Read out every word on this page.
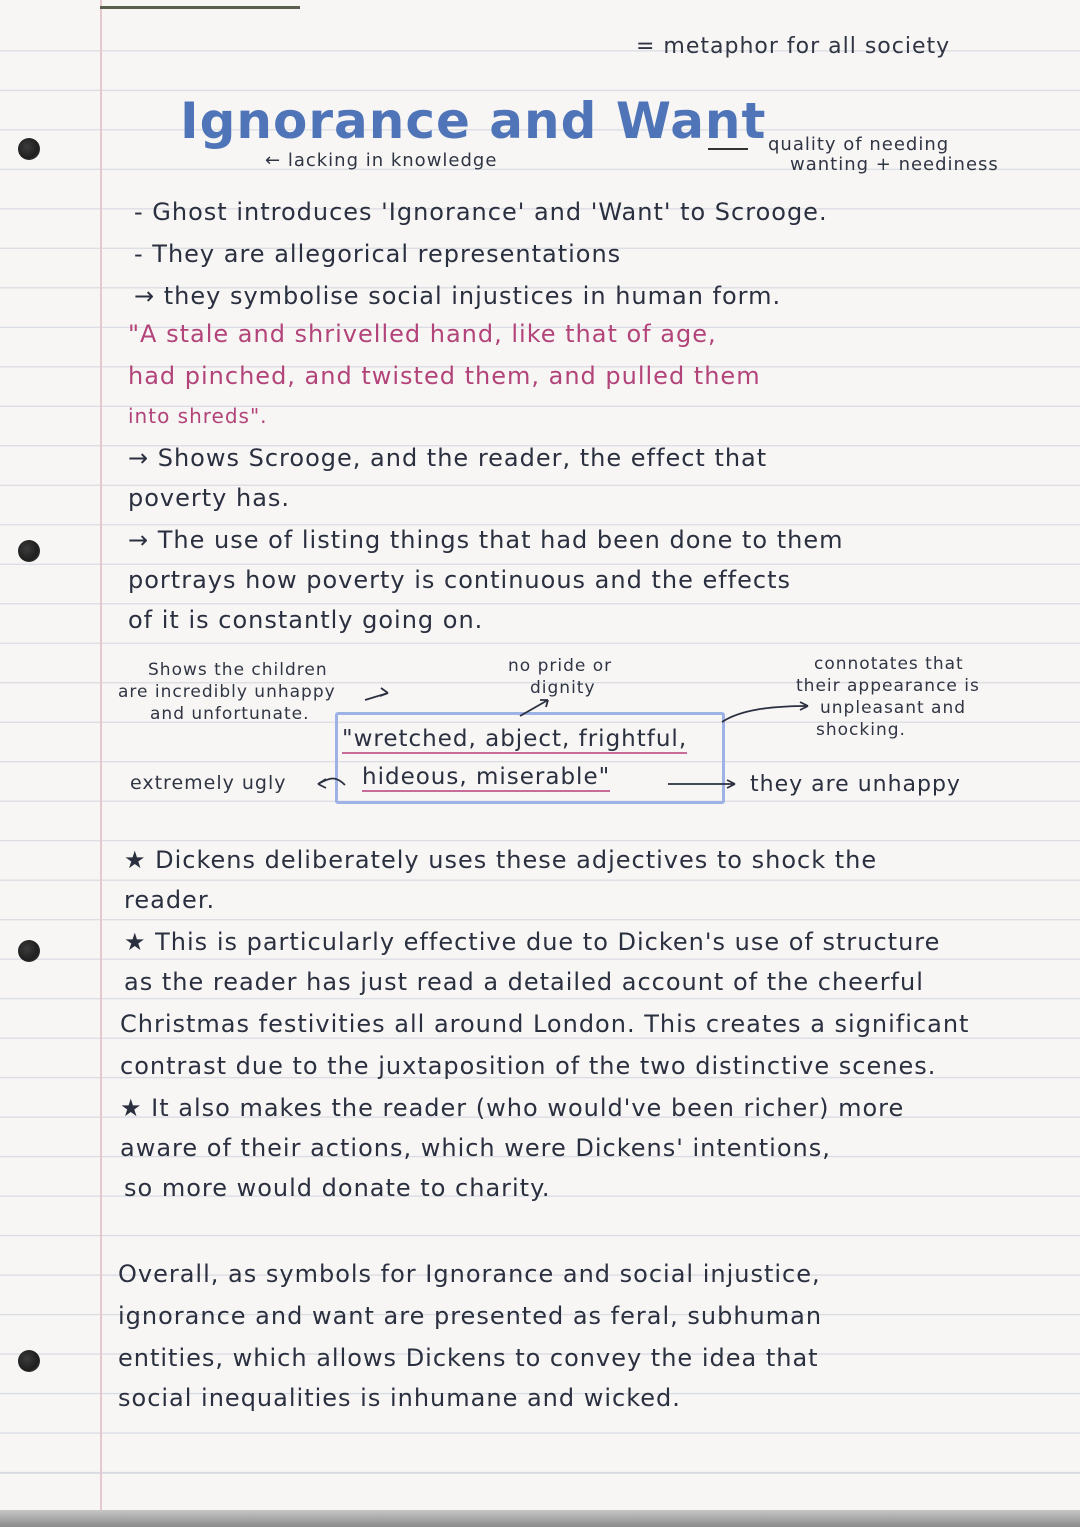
= metaphor for all society
Ignorance and Want
← lacking in knowledge
quality of needing
wanting + neediness
- Ghost introduces 'Ignorance' and 'Want' to Scrooge.
- They are allegorical representations
→ they symbolise social injustices in human form.
"A stale and shrivelled hand, like that of age,
had pinched, and twisted them, and pulled them
into shreds".
→ Shows Scrooge, and the reader, the effect that
poverty has.
→ The use of listing things that had been done to them
portrays how poverty is continuous and the effects
of it is constantly going on.
Shows the children
are incredibly unhappy
and unfortunate.
no pride or
dignity
connotates that
their appearance is
unpleasant and
shocking.
"wretched, abject, frightful,
hideous, miserable"
extremely ugly	they are unhappy
★ Dickens deliberately uses these adjectives to shock the
reader.
★ This is particularly effective due to Dicken's use of structure
as the reader has just read a detailed account of the cheerful
Christmas festivities all around London. This creates a significant
contrast due to the juxtaposition of the two distinctive scenes.
★ It also makes the reader (who would've been richer) more
aware of their actions, which were Dickens' intentions,
so more would donate to charity.
Overall, as symbols for Ignorance and social injustice,
ignorance and want are presented as feral, subhuman
entities, which allows Dickens to convey the idea that
social inequalities is inhumane and wicked.
